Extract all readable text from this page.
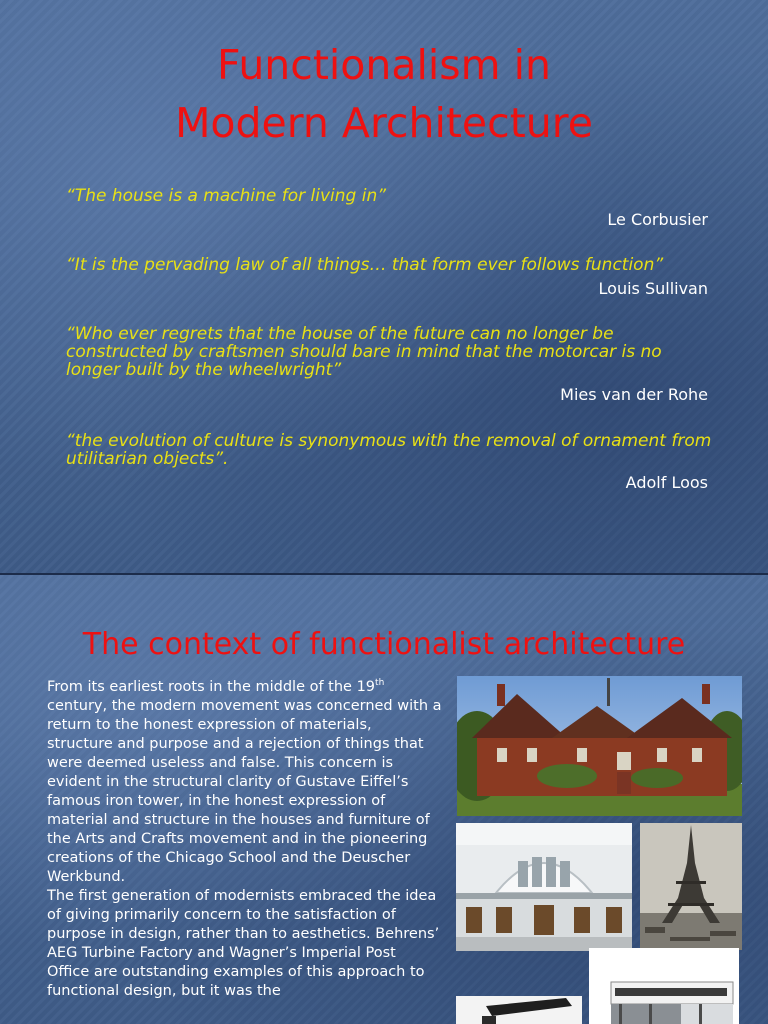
Functionalism in
Modern Architecture
“The house is a machine for living in”
Le Corbusier
“It is the pervading law of all things… that form ever follows function”
Louis Sullivan
“Who ever regrets that the house of the future can no longer be constructed by craftsmen should bare in mind that the motorcar is no longer built by the wheelwright”
Mies van der Rohe
“the evolution of culture is synonymous with the removal of ornament from utilitarian objects”.
Adolf Loos
The context of functionalist architecture

From its earliest roots in the middle of the 19th century, the modern movement was concerned with a return to the honest expression of materials, structure and purpose and a rejection of things that were deemed useless and false. This concern is evident in the structural clarity of Gustave Eiffel’s famous iron tower, in the honest expression of material and structure in the houses and furniture of the Arts and Crafts movement and in the pioneering creations of the Chicago School and the Deuscher Werkbund.

The first generation of modernists embraced the idea of giving primarily concern to the satisfaction of purpose in design, rather than to aesthetics. Behrens’ AEG Turbine Factory and Wagner’s Imperial Post Office are outstanding examples of this approach to functional design, but it was the
